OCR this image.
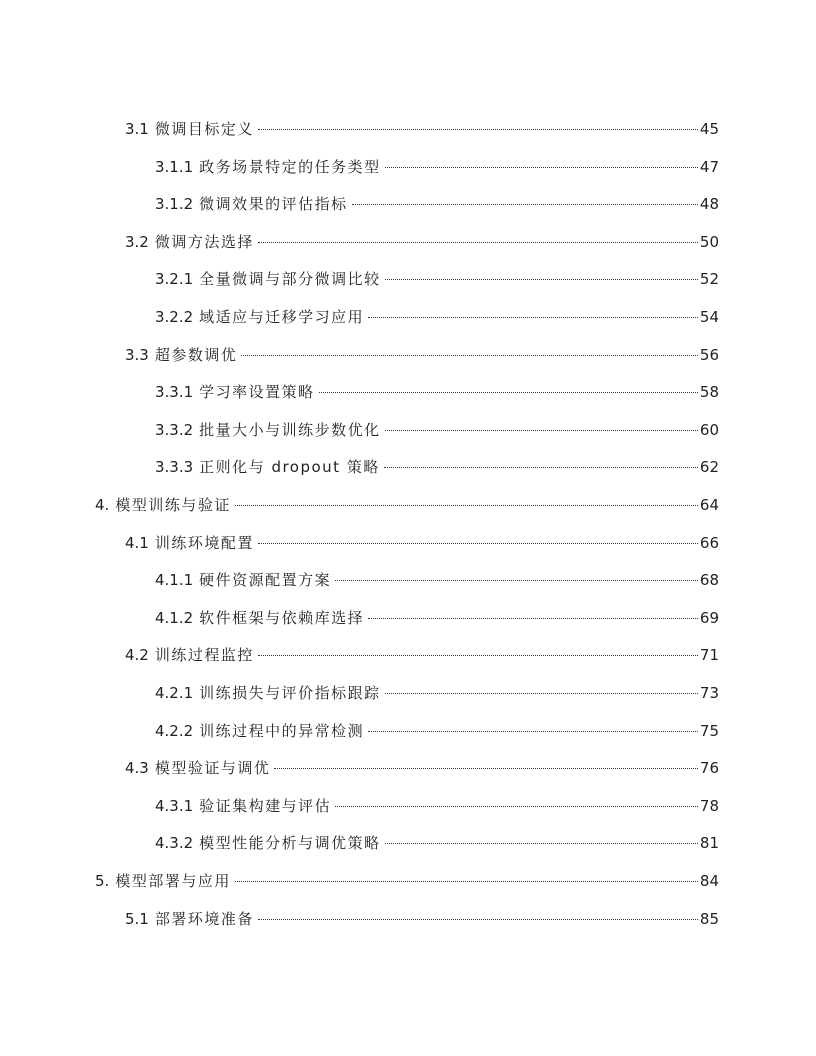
3.1 微调目标定义	45
3.1.1 政务场景特定的任务类型	47
3.1.2 微调效果的评估指标	48
3.2 微调方法选择	50
3.2.1 全量微调与部分微调比较	52
3.2.2 域适应与迁移学习应用	54
3.3 超参数调优	56
3.3.1 学习率设置策略	58
3.3.2 批量大小与训练步数优化	60
3.3.3 正则化与 dropout 策略	62
4. 模型训练与验证	64
4.1 训练环境配置	66
4.1.1 硬件资源配置方案	68
4.1.2 软件框架与依赖库选择	69
4.2 训练过程监控	71
4.2.1 训练损失与评价指标跟踪	73
4.2.2 训练过程中的异常检测	75
4.3 模型验证与调优	76
4.3.1 验证集构建与评估	78
4.3.2 模型性能分析与调优策略	81
5. 模型部署与应用	84
5.1 部署环境准备	85
